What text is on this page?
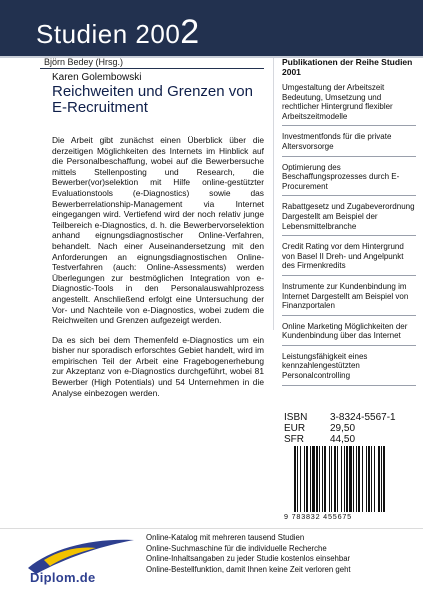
Studien 2002
Björn Bedey (Hrsg.)
Karen Golembowski
Reichweiten und Grenzen von E-Recruitment

Die Arbeit gibt zunächst einen Überblick über die derzeitigen Möglichkeiten des Internets im Hinblick auf die Personalbeschaffung, wobei auf die Bewerbersuche mittels Stellenposting und Research, die Bewerber(vor)selektion mit Hilfe online-gestützter Evaluationstools (e-Diagnostics) sowie das Bewerberrelationship-Management via Internet eingegangen wird. Vertiefend wird der noch relativ junge Teilbereich e-Diagnostics, d. h. die Bewerbervorselektion anhand eignungsdiagnostischer Online-Verfahren, behandelt. Nach einer Auseinandersetzung mit den Anforderungen an eignungsdiagnostischen Online-Testverfahren (auch: Online-Assessments) werden Überlegungen zur bestmöglichen Integration von e-Diagnostic-Tools in den Personalauswahlprozess angestellt. Anschließend erfolgt eine Untersuchung der Vor- und Nachteile von e-Diagnostics, wobei zudem die Reichweiten und Grenzen aufgezeigt werden.

Da es sich bei dem Themenfeld e-Diagnostics um ein bisher nur sporadisch erforschtes Gebiet handelt, wird im empirischen Teil der Arbeit eine Fragebogenerhebung zur Akzeptanz von e-Diagnostics durchgeführt, wobei 81 Bewerber (High Potentials) und 54 Unternehmen in die Analyse einbezogen werden.

Publikationen der Reihe Studien 2001
Umgestaltung der Arbeitszeit Bedeutung, Umsetzung und rechtlicher Hintergrund flexibler Arbeitszeitmodelle
Investmentfonds für die private Altersvorsorge
Optimierung des Beschaffungsprozesses durch E-Procurement
Rabattgesetz und Zugabeverordnung Dargestellt am Beispiel der Lebensmittelbranche
Credit Rating vor dem Hintergrund von Basel II Dreh- und Angelpunkt des Firmenkredits
Instrumente zur Kundenbindung im Internet Dargestellt am Beispiel von Finanzportalen
Online Marketing Möglichkeiten der Kundenbindung über das Internet
Leistungsfähigkeit eines kennzahlengestützten Personalcontrolling
ISBN	3-8324-5567-1
EUR	29,50
SFR	44,50
9 783832 455675
Diplom.de
Online-Katalog mit mehreren tausend Studien
Online-Suchmaschine für die individuelle Recherche
Online-Inhaltsangaben zu jeder Studie kostenlos einsehbar
Online-Bestellfunktion, damit Ihnen keine Zeit verloren geht
